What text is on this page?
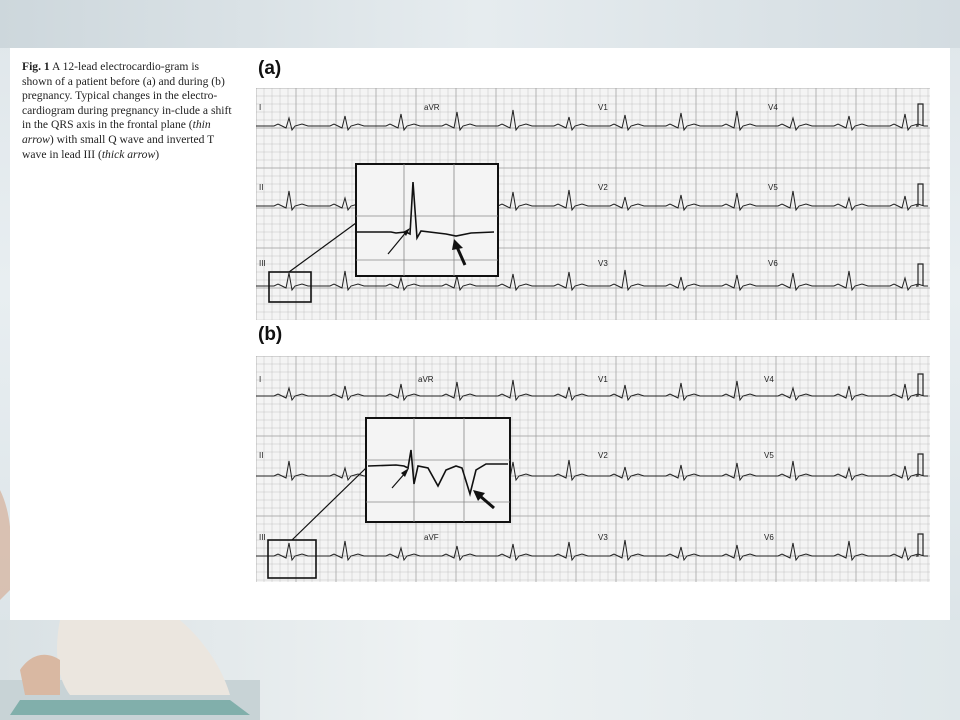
Fig. 1 A 12-lead electrocardio-gram is shown of a patient before (a) and during (b) pregnancy. Typical changes in the electro-cardiogram during pregnancy in-clude a shift in the QRS axis in the frontal plane (thin arrow) with small Q wave and inverted T wave in lead III (thick arrow)
(a)
(b)
I	aVR	V1	V4
II	V2	V5
III	V3	V6
I	aVR	V1	V4
II	V2	V5
III	aVF	V3	V6
